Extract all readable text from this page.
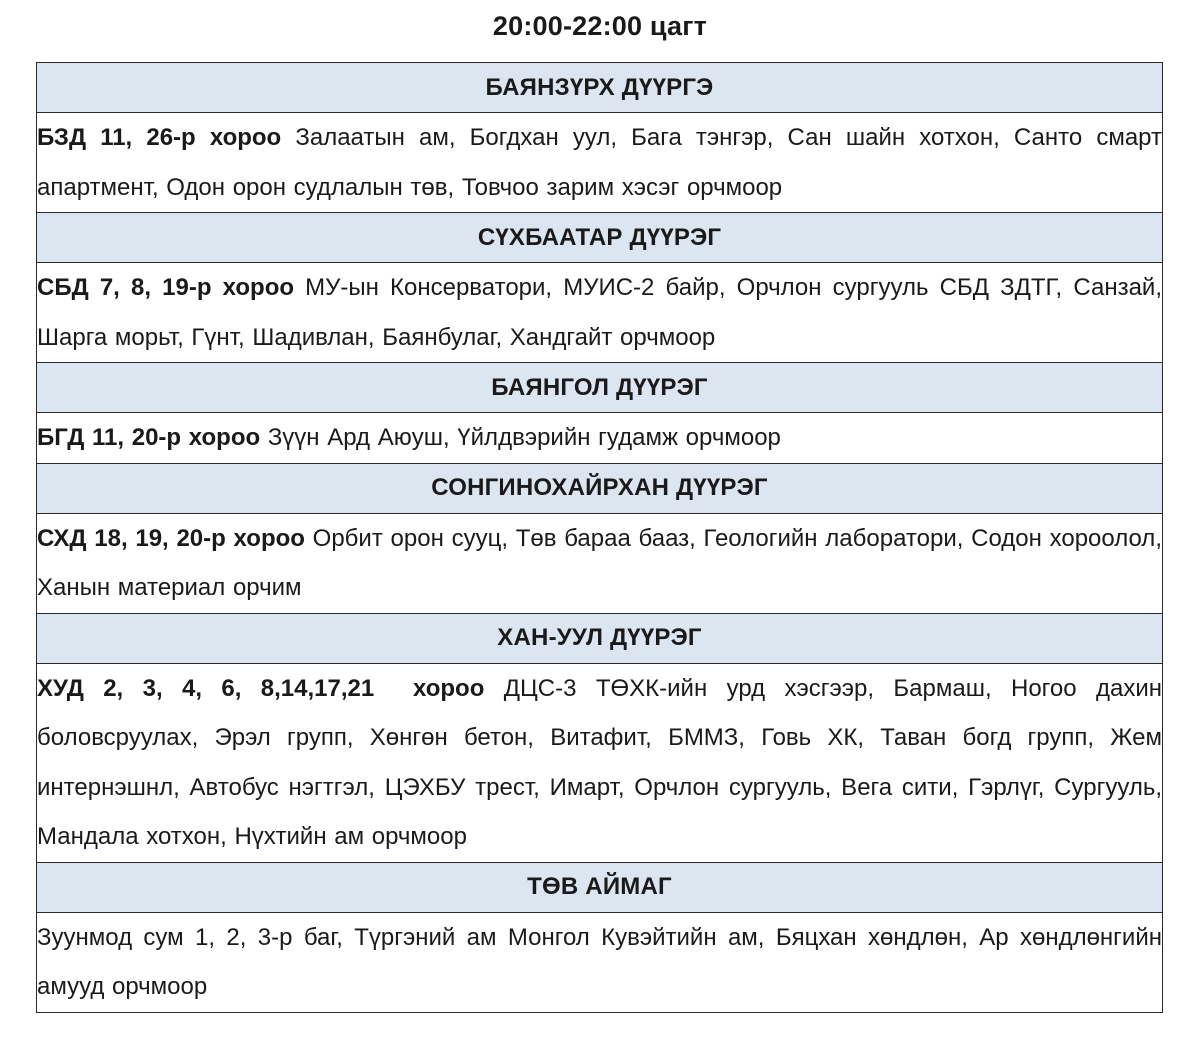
20:00-22:00 цагт
БАЯНЗҮРХ ДҮҮРГЭ
БЗД 11, 26-р хороо Залаатын ам, Богдхан уул, Бага тэнгэр, Сан шайн хотхон, Санто смарт апартмент, Одон орон судлалын төв, Товчоо зарим хэсэг орчмоор
СҮХБААТАР ДҮҮРЭГ
СБД 7, 8, 19-р хороо МУ-ын Консерватори, МУИС-2 байр, Орчлон сургууль СБД ЗДТГ, Санзай, Шарга морьт, Гүнт, Шадивлан, Баянбулаг, Хандгайт орчмоор
БАЯНГОЛ ДҮҮРЭГ
БГД 11, 20-р хороо Зүүн Ард Аюуш, Үйлдвэрийн гудамж орчмоор
СОНГИНОХАЙРХАН ДҮҮРЭГ
СХД 18, 19, 20-р хороо Орбит орон сууц, Төв бараа бааз, Геологийн лаборатори, Содон хороолол, Ханын материал орчим
ХАН-УУЛ ДҮҮРЭГ
ХУД 2, 3, 4, 6, 8,14,17,21  хороо ДЦС-3 ТӨХК-ийн урд хэсгээр, Бармаш, Ногоо дахин боловсруулах, Эрэл групп, Хөнгөн бетон, Витафит, БММЗ, Говь ХК, Таван богд групп, Жем интернэшнл, Автобус нэгтгэл, ЦЭХБУ трест, Имарт, Орчлон сургууль, Вега сити, Гэрлүг, Сургууль, Мандала хотхон, Нүхтийн ам орчмоор
ТӨВ АЙМАГ
Зуунмод сум 1, 2, 3-р баг, Түргэний ам Монгол Кувэйтийн ам, Бяцхан хөндлөн, Ар хөндлөнгийн амууд орчмоор
